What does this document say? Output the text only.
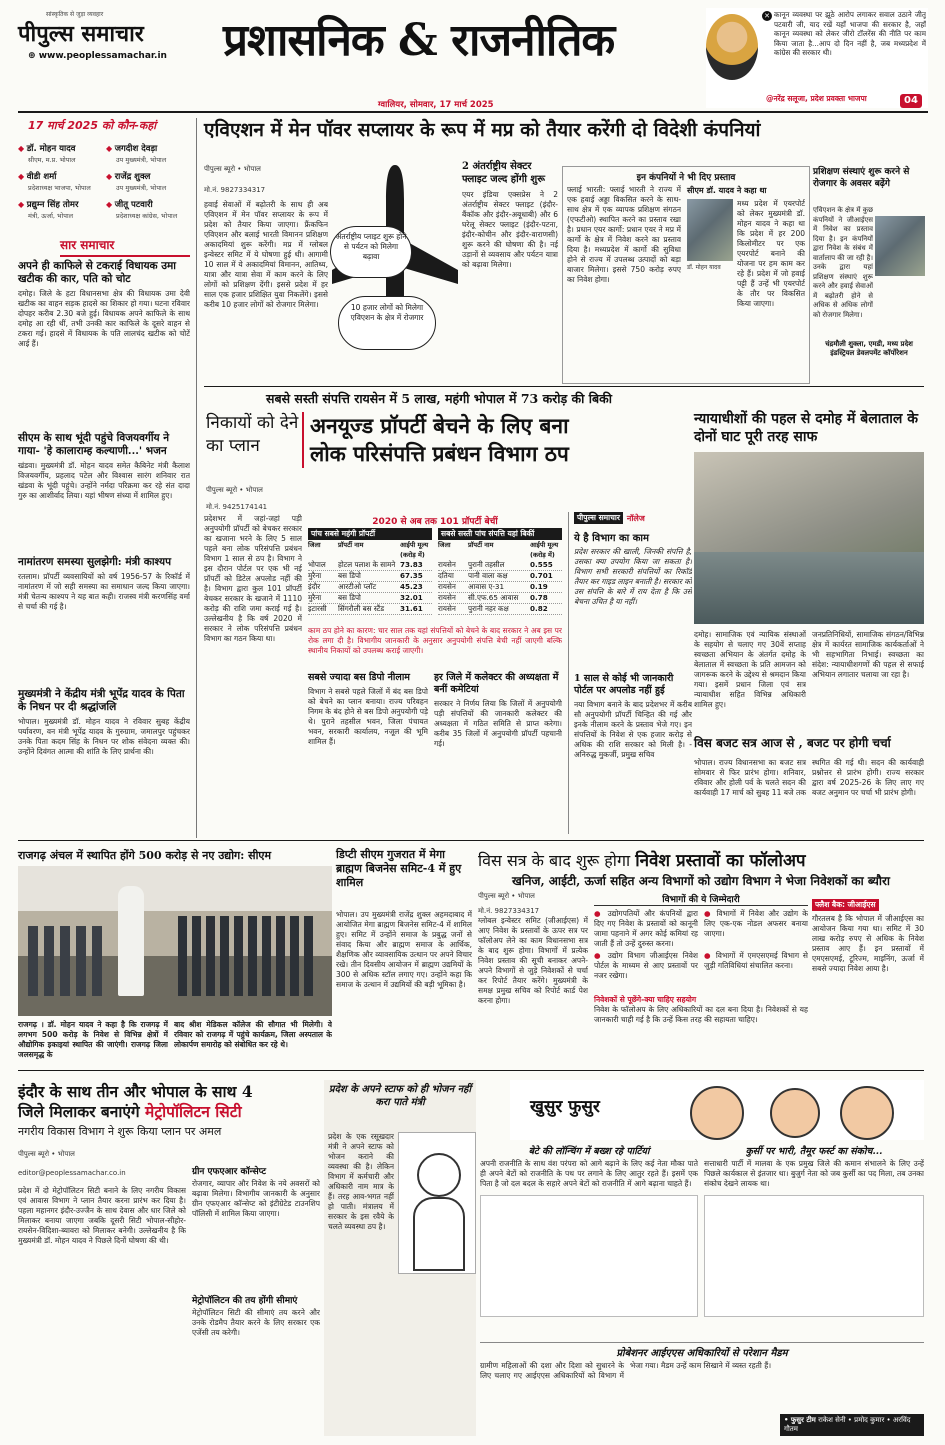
सांस्कृतिक से जुड़ा व्यवहार
पीपुल्स समाचार
⊕ www.peoplessamachar.in प्रशासनिक & राजनीतिक
ग्वालियर, सोमवार, 17 मार्च 2025
✕ कानून व्यवस्था पर झूठे आरोप लगाकर सवाल उठाने जीतू पटवारी जी, याद रखें यहाँ भाजपा की सरकार है, जहाँ कानून व्यवस्था को लेकर जीरो टॉलरेंस की नीति पर काम किया जाता है...आप दो दिन नहीं है, जब मध्यप्रदेश में कांग्रेस की सरकार थी।
@नरेंद्र सलूजा, प्रदेश प्रवक्ता भाजपा	04
17 मार्च 2025 को कौन-कहां
◆ डॉ. मोहन यादव
सीएम, म.प्र. भोपाल
◆ जगदीश देवड़ा
उप मुख्यमंत्री, भोपाल
◆ वीडी शर्मा
प्रदेशाध्यक्ष भाजपा, भोपाल
◆ राजेंद्र शुक्ल
उप मुख्यमंत्री, भोपाल
◆ प्रद्युम्न सिंह तोमर
मंत्री, ऊर्जा, भोपाल
◆ जीतू पटवारी
प्रदेशाध्यक्ष कांग्रेस, भोपाल
सार समाचार
अपने ही काफिले से टकराई विधायक उमा खटीक की कार, पति को चोट
दमोह। जिले के हटा विधानसभा क्षेत्र की विधायक उमा देवी खटीक का वाहन सड़क हादसे का शिकार हो गया। घटना रविवार दोपहर करीब 2.30 बजे हुई। विधायक अपने काफिले के साथ दमोह आ रही थीं, तभी उनकी कार काफिले के दूसरे वाहन से टकरा गई। हादसे में विधायक के पति लालचंद खटीक को चोटें आई हैं।
सीएम के साथ भूंदी पहुंचे विजयवर्गीय ने गाया- 'हे कालाराम्ह कल्याणी...' भजन
खंडवा। मुख्यमंत्री डॉ. मोहन यादव समेत कैबिनेट मंत्री कैलाश विजयवर्गीय, प्रहलाद पटेल और विश्वास सारंग शनिवार रात खंडवा के भूंदी पहुंचे। उन्होंने नर्मदा परिक्रमा कर रहे संत दादा गुरु का आशीर्वाद लिया। यहां भीषण संध्या में शामिल हुए।
नामांतरण समस्या सुलझेगी: मंत्री काश्यप
रतलाम। प्रॉपर्टी व्यवसायियों को वर्ष 1956-57 के रिकॉर्ड में नामांतरण में जो सही समस्या का समाधान जल्द किया जाएगा। मंत्री चेतन्य काश्यप ने यह बात कही। राजस्व मंत्री करणसिंह वर्मा से चर्चा की गई है।
मुख्यमंत्री ने केंद्रीय मंत्री भूपेंद्र यादव के पिता के निधन पर दी श्रद्धांजलि
भोपाल। मुख्यमंत्री डॉ. मोहन यादव ने रविवार सुबह केंद्रीय पर्यावरण, वन मंत्री भूपेंद्र यादव के गुरुग्राम, जमालपुर पहुंचकर उनके पिता कदम सिंह के निधन पर शोक संवेदना व्यक्त की। उन्होंने दिवंगत आत्मा की शांति के लिए प्रार्थना की।
एविएशन में मेन पॉवर सप्लायर के रूप में मप्र को तैयार करेंगी दो विदेशी कंपनियां
पीपुल्स ब्यूरो • भोपाल
मो.नं. 9827334317
हवाई सेवाओं में बढ़ोतरी के साथ ही अब एविएशन में मेन पॉवर सप्लायर के रूप में प्रदेश को तैयार किया जाएगा। फ्रैंकफिन एविएशन और बलाई भारती विमानन प्रशिक्षण अकादमियां शुरू करेंगी। मप्र में ग्लोबल इन्वेस्टर समिट में ये घोषणा हुई थी। आगामी 10 साल में ये अकादमियां विमानन, आतिथ्य, यात्रा और यात्रा सेवा में काम करने के लिए लोगों को प्रशिक्षण देंगी। इससे प्रदेश में हर साल एक हजार प्रशिक्षित युवा निकलेंगे। इससे करीब 10 हजार लोगों को रोजगार मिलेगा।
अंतर्राष्ट्रीय प्लाइट शुरू होने से पर्यटन को मिलेगा बढ़ावा
10 हजार लोगों को मिलेगा एविएशन के क्षेत्र में रोजगार
2 अंतर्राष्ट्रीय सेक्टर फ्लाइट जल्द होंगी शुरू
एयर इंडिया एक्सप्रेस ने 2 अंतर्राष्ट्रीय सेक्टर फ्लाइट (इंदौर-बैंकॉक और इंदौर-अबूधाबी) और 6 घरेलू सेक्टर फ्लाइट (इंदौर-पटना, इंदौर-कोचीन और इंदौर-वाराणसी) शुरू करने की घोषणा की है। नई उड़ानों से व्यवसाय और पर्यटन यात्रा को बढ़ावा मिलेगा।
इन कंपनियों ने भी दिए प्रस्ताव
फ्लाई भारती: फ्लाई भारती ने राज्य में एक हवाई अड्डा विकसित करने के साथ-साथ क्षेत्र में एक व्यापक प्रशिक्षण संगठन (एफटीओ) स्थापित करने का प्रस्ताव रखा है। प्रधान एयर कार्गो: प्रधान एयर ने मप्र में कार्गो के क्षेत्र में निवेश करने का प्रस्ताव दिया है। मध्यप्रदेश में कार्गो की सुविधा होने से राज्य में उपलब्ध उत्पादों को बड़ा बाजार मिलेगा। इससे 750 करोड़ रुपए का निवेश होगा।
सीएम डॉ. यादव ने कहा था
डॉ. मोहन यादव
मध्य प्रदेश में एयरपोर्ट को लेकर मुख्यमंत्री डॉ. मोहन यादव ने कहा था कि प्रदेश में हर 200 किलोमीटर पर एक एयरपोर्ट बनाने की योजना पर हम काम कर रहे हैं। प्रदेश में जो हवाई पट्टी हैं उन्हें भी एयरपोर्ट के तौर पर विकसित किया जाएगा।
प्रशिक्षण संस्थाएं शुरू करने से रोजगार के अवसर बढ़ेंगे
एविएशन के क्षेत्र में कुछ कंपनियों ने जीआईएस में निवेश का प्रस्ताव दिया है। इन कंपनियों द्वारा निवेश के संबंध में वार्तालाप की जा रही है। उनके द्वारा यहां प्रशिक्षण संस्थाएं शुरू करने और हवाई सेवाओं में बढ़ोतरी होने से अधिक से अधिक लोगों को रोजगार मिलेगा।
चंद्रमौली शुक्ला, एमडी, मध्य प्रदेश इंडस्ट्रियल डेवलपमेंट कॉर्पोरेशन
सबसे सस्ती संपत्ति रायसेन में 5 लाख, महंगी भोपाल में 73 करोड़ की बिकी
निकायों को देने का प्लान
अनयूज्ड प्रॉपर्टी बेचने के लिए बना
लोक परिसंपत्ति प्रबंधन विभाग ठप
पीपुल्स ब्यूरो • भोपाल
मो.नं. 9425174141
प्रदेशभर में जहां-जहां पड़ी अनुपयोगी प्रॉपर्टी को बेचकर सरकार का खजाना भरने के लिए 5 साल पहले बना लोक परिसंपत्ति प्रबंधन विभाग 1 साल से ठप है। विभाग ने इस दौरान पोर्टल पर एक भी नई प्रॉपर्टी को डिटेल अपलोड नहीं की है। विभाग द्वारा कुल 101 प्रॉपर्टी बेचकर सरकार के खजाने में 1110 करोड़ की राशि जमा कराई गई है। उल्लेखनीय है कि वर्ष 2020 में सरकार ने लोक परिसंपत्ति प्रबंधन विभाग का गठन किया था।
2020 से अब तक 101 प्रॉपर्टी बेचीं
पांच सबसे महंगी प्रॉपर्टी
जिला	प्रॉपर्टी नाम	आईपी मूल्य (करोड़ में)
भोपाल	होटल पलाश के सामने 73.83
मुरैना	बस डिपो	67.35
इंदौर	आरटीओ प्लॉट	45.23
मुरैना	बस डिपो	32.01
इटारसी	सिंगरौली बस स्टैंड	31.61
सबसे सस्ती पांच संपत्ति यहां बिकीं
जिला	प्रॉपर्टी नाम	आईपी मूल्य (करोड़ में)
रायसेन	पुरानी तहसील	0.555
दतिया	पानी वाला कक्ष	0.701
रायसेन	आवास ए-31	0.19
रायसेन	सी.एफ.65 आवास	0.78
रायसेन	पुरानी नहर कक्ष	0.82
काम ठप होने का कारण: चार साल तक यहां संपत्तियों को बेचने के बाद सरकार ने अब इस पर रोक लगा दी है। विभागीय जानकारी के अनुसार अनुपयोगी संपत्ति बेची नहीं जाएगी बल्कि स्थानीय निकायों को उपलब्ध कराई जाएगी।
सबसे ज्यादा बस डिपो नीलाम
विभाग ने सबसे पहले जिलों में बंद बस डिपो को बेचने का प्लान बनाया। राज्य परिवहन निगम के बंद होने से बस डिपो अनुपयोगी पड़े थे। पुराने तहसील भवन, जिला पंचायत भवन, सरकारी कार्यालय, नजूल की भूमि शामिल हैं।
हर जिले में कलेक्टर की अध्यक्षता में बनीं कमेटियां
सरकार ने निर्णय लिया कि जिलों में अनुपयोगी पड़ी संपत्तियों की जानकारी कलेक्टर की अध्यक्षता में गठित समिति से प्राप्त करेगा। करीब 35 जिलों में अनुपयोगी प्रॉपर्टी पहचानी गई।
पीपुल्स समाचार नॉलेज
ये है विभाग का काम
प्रदेश सरकार की खाली, जिनकी संपत्ति है, उसका क्या उपयोग किया जा सकता है। विभाग सभी सरकारी संपत्तियों का रिकॉर्ड तैयार कर गाइड लाइन बनाती है। सरकार को उस संपत्ति के बारे में राय देता है कि उसे बेचना उचित है या नहीं।
1 साल से कोई भी जानकारी पोर्टल पर अपलोड नहीं हुई
नया विभाग बनाने के बाद प्रदेशभर में करीब सौ अनुपयोगी प्रॉपर्टी चिन्हित की गई और इनके नीलाम करने के प्रस्ताव भेजे गए। इन संपत्तियों के निवेश से एक हजार करोड़ से अधिक की राशि सरकार को मिली है। - अनिरुद्ध मुकर्जी, प्रमुख सचिव
न्यायाधीशों की पहल से दमोह में बेलाताल के दोनों घाट पूरी तरह साफ
दमोह। सामाजिक एवं न्यायिक संस्थाओं के सहयोग से चलाए गए 30वें सप्ताह स्वच्छता अभियान के अंतर्गत दमोह के बेलाताल में स्वच्छता के प्रति आमजन को जागरूक करने के उद्देश्य से श्रमदान किया गया। इसमें प्रधान जिला एवं सत्र न्यायाधीश सहित विभिन्न अधिकारी शामिल हुए।
जनप्रतिनिधियों, सामाजिक संगठन/विभिन्न क्षेत्र में कार्यरत सामाजिक कार्यकर्ताओं ने भी सहभागिता निभाई। स्वच्छता का संदेश: न्यायाधीशगणों की पहल से सफाई अभियान लगातार चलाया जा रहा है।
विस बजट सत्र आज से , बजट पर होगी चर्चा
भोपाल। राज्य विधानसभा का बजट सत्र सोमवार से फिर प्रारंभ होगा। शनिवार, रविवार और होली पर्व के चलते सदन की कार्यवाही 17 मार्च को सुबह 11 बजे तक स्थगित की गई थी। सदन की कार्यवाही प्रश्नोत्तर से प्रारंभ होगी। राज्य सरकार द्वारा वर्ष 2025-26 के लिए लाए गए बजट अनुमान पर चर्चा भी प्रारंभ होगी।
राजगढ़ अंचल में स्थापित होंगे 500 करोड़ से नए उद्योग: सीएम
राजगढ़ । डॉ. मोहन यादव ने कहा है कि राजगढ़ में लगभग 500 करोड़ के निवेश से विभिन्न क्षेत्रों में औद्योगिक इकाइयां स्थापित की जाएंगी। राजगढ़ जिला जलसमृद्ध के
बाद श्रीश मेडिकल कॉलेज की सौगात भी मिलेगी। वे रविवार को राजगढ़ में पहुंचे कार्यक्रम, जिला अस्पताल के लोकार्पण समारोह को संबोधित कर रहे थे।
डिप्टी सीएम गुजरात में मेगा ब्राह्मण बिजनेस समिट-4 में हुए शामिल
भोपाल। उप मुख्यमंत्री राजेंद्र शुक्ल अहमदाबाद में आयोजित मेगा ब्राह्मण बिजनेस समिट-4 में शामिल हुए। समिट में उन्होंने समाज के प्रबुद्ध जनों से संवाद किया और ब्राह्मण समाज के आर्थिक, शैक्षणिक और व्यावसायिक उत्थान पर अपने विचार रखे। तीन दिवसीय आयोजन में ब्राह्मण उद्यमियों के 300 से अधिक स्टॉल लगाए गए। उन्होंने कहा कि समाज के उत्थान में उद्यमियों की बड़ी भूमिका है।
विस सत्र के बाद शुरू होगा निवेश प्रस्तावों का फॉलोअप
खनिज, आईटी, ऊर्जा सहित अन्य विभागों को उद्योग विभाग ने भेजा निवेशकों का ब्यौरा
पीपुल्स ब्यूरो • भोपाल
मो.नं. 9827334317
ग्लोबल इन्वेस्टर समिट (जीआईएस) में आए निवेश के प्रस्तावों के ऊपर सत्र पर फॉलोअप लेने का काम विधानसभा सत्र के बाद शुरू होगा। विभागों में प्रत्येक निवेश प्रस्ताव की सूची बनाकर अपने-अपने विभागों से जुड़े निवेशकों से चर्चा कर रिपोर्ट तैयार करेंगे। मुख्यमंत्री के समक्ष प्रमुख सचिव को रिपोर्ट कार्ड पेश करना होगा।
विभागों की ये जिम्मेदारी
● उद्योगपतियों और कंपनियों द्वारा दिए गए निवेश के प्रस्तावों को कानूनी जामा पहनाने में अगर कोई कमियां रह जाती हैं तो उन्हें दुरुस्त करना।
● विभागों में निवेश और उद्योग के लिए एक-एक नोडल अफसर बनाया जाएगा।
● उद्योग विभाग जीआईएस निवेश पोर्टल के माध्यम से आए प्रस्तावों पर नजर रखेगा।
● विभागों में एमएसएमई विभाग से जुड़ी गतिविधियां संचालित करना।
निवेशकों से पूछेंगे-क्या चाहिए सहयोग
निवेश के फॉलोअप के लिए अधिकारियों का दल बना दिया है। निवेशकों से यह जानकारी चाही गई है कि उन्हें किस तरह की सहायता चाहिए।
फ्लैश बैक: जीआईएस
गौरतलब है कि भोपाल में जीआईएस का आयोजन किया गया था। समिट में 30 लाख करोड़ रुपए से अधिक के निवेश प्रस्ताव आए हैं। इन प्रस्तावों में एमएसएमई, टूरिज्म, माइनिंग, ऊर्जा में सबसे ज्यादा निवेश आया है।
इंदौर के साथ तीन और भोपाल के साथ 4
जिले मिलाकर बनाएंगे मेट्रोपॉलिटन सिटी
नगरीय विकास विभाग ने शुरू किया प्लान पर अमल
पीपुल्स ब्यूरो • भोपाल
editor@peoplessamachar.co.in
प्रदेश में दो मेट्रोपॉलिटन सिटी बनाने के लिए नगरीय विकास एवं आवास विभाग ने प्लान तैयार करना प्रारंभ कर दिया है। पहला महानगर इंदौर-उज्जैन के साथ देवास और धार जिले को मिलाकर बनाया जाएगा जबकि दूसरी सिटी भोपाल-सीहोर-रायसेन-विदिशा-ब्यावरा को मिलाकर बनेगी। उल्लेखनीय है कि मुख्यमंत्री डॉ. मोहन यादव ने पिछले दिनों घोषणा की थी।
ग्रीन एफएआर कॉन्सेप्ट
रोजगार, व्यापार और निवेश के नये अवसरों को बढ़ावा मिलेगा। विभागीय जानकारी के अनुसार ग्रीन एफएआर कॉन्सेप्ट को इंटीग्रेटेड टाउनशिप पॉलिसी में शामिल किया जाएगा।
मेट्रोपॉलिटन की तय होंगी सीमाएं
मेट्रोपॉलिटन सिटी की सीमाएं तय करने और उनके रोडमैप तैयार करने के लिए सरकार एक एजेंसी तय करेगी।
प्रदेश के अपने स्टाफ को ही भोजन नहीं करा पाते मंत्री
प्रदेश के एक रसूखदार मंत्री ने अपने स्टाफ को भोजन कराने की व्यवस्था की है। लेकिन विभाग में कर्मचारी और अधिकारी नाम मात्र के हैं। तरह आव-भगत नहीं हो पाती। मंत्रालय में सरकार के इस रवैये के चलते व्यवस्था ठप है।
खुसुर फुसुर
बेटे की लॉन्चिंग में बख्श रहे पार्टियां
अपनी राजनीति के साथ वंश परंपरा को आगे बढ़ाने के लिए कई नेता मौका पाते ही अपने बेटों को राजनीति के पथ पर लगाने के लिए आतुर रहते हैं। इसमें एक पिता है जो दल बदल के सहारे अपने बेटों को राजनीति में आगे बढ़ाना चाहते हैं।
कुर्सी पर भारी, तैमूर फर्स्ट का संकोच...
सत्ताधारी पार्टी में मालवा के एक प्रमुख जिले की कमान संभालने के लिए उन्हें पिछले कार्यकाल से इंतजार था। बुजुर्ग नेता को जब कुर्सी का पद मिला, तब उनका संकोच देखने लायक था।
प्रोबेशनर आईएएस अधिकारियों से परेशान मैडम
ग्रामीण महिलाओं की दशा और दिशा को सुधारने के लिए चलाए गए आईएएस अधिकारियों को विभाग में भेजा गया। मैडम उन्हें काम सिखाने में व्यस्त रहती हैं।
• फुसुर टीम राकेश सेनी • प्रमोद कुमार • अरविंद गौतम
